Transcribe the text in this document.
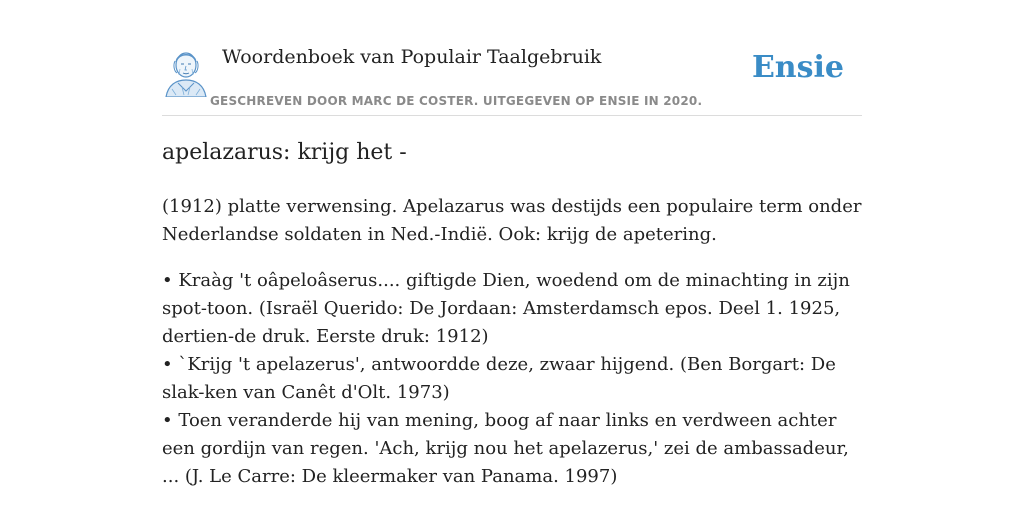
Woordenboek van Populair Taalgebruik
GESCHREVEN DOOR MARC DE COSTER. UITGEGEVEN OP ENSIE IN 2020.
Ensie
apelazarus: krijg het -

(1912) platte verwensing. Apelazarus was destijds een populaire term onder Nederlandse soldaten in Ned.-Indië. Ook: krijg de apetering.

• Kraàg 't oâpeloâserus.... giftigde Dien, woedend om de minachting in zijn spot-toon. (Israël Querido: De Jordaan: Amsterdamsch epos. Deel 1. 1925, dertien-de druk. Eerste druk: 1912)
• `Krijg 't apelazerus', antwoordde deze, zwaar hijgend. (Ben Borgart: De slak-ken van Canêt d'Olt. 1973)
• Toen veranderde hij van mening, boog af naar links en verdween achter een gordijn van regen. 'Ach, krijg nou het apelazerus,' zei de ambassadeur, ... (J. Le Carre: De kleermaker van Panama. 1997)
